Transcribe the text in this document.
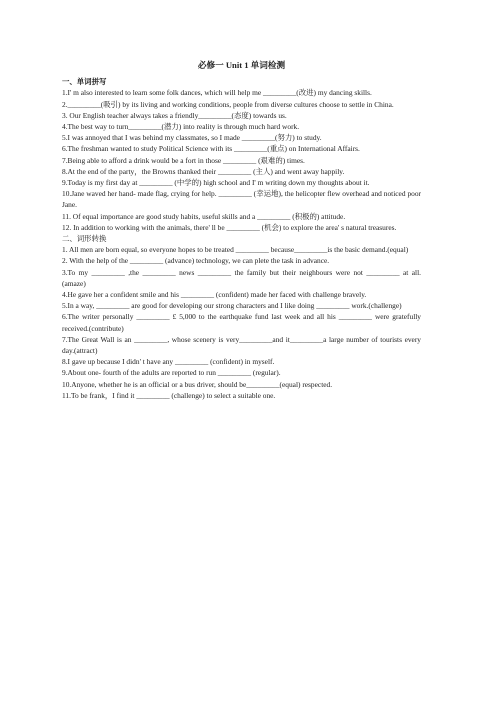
必修一 Unit 1 单词检测
一、单词拼写
1.I' m also interested to learn some folk dances, which will help me _________(改进) my dancing skills.
2._________(吸引) by its living and working conditions, people from diverse cultures choose to settle in China.
3. Our English teacher always takes a friendly_________(态度) towards us.
4.The best way to turn_________(潜力) into reality is through much hard work.
5.I was annoyed that I was behind my classmates, so I made _________(努力) to study.
6.The freshman wanted to study Political Science with its _________(重点) on International Affairs.
7.Being able to afford a drink would be a fort in those _________ (艰难的) times.
8.At the end of the party，the Browns thanked their _________ (主人) and went away happily.
9.Today is my first day at _________ (中学的) high school and I' m writing down my thoughts about it.
10.Jane waved her hand- made flag, crying for help. _________ (幸运地), the helicopter flew overhead and noticed poor Jane.
11. Of equal importance are good study habits, useful skills and a _________ (积极的) attitude.
12. In addition to working with the animals, there' ll be _________ (机会) to explore the area' s natural treasures.
二、词形转换
1. All men are born equal, so everyone hopes to be treated _________ because_________is the basic demand.(equal)
2. With the help of the _________ (advance) technology, we can plete the task in advance.
3.To my _________ ,the _________ news _________ the family but their neighbours were not _________ at all. (amaze)
4.He gave her a confident smile and his _________ (confident) made her faced with challenge bravely.
5.In a way, _________ are good for developing our strong characters and I like doing _________ work.(challenge)
6.The writer personally _________ £ 5,000 to the earthquake fund last week and all his _________ were gratefully received.(contribute)
7.The Great Wall is an _________, whose scenery is very_________and it_________a large number of tourists every day.(attract)
8.I gave up because I didn' t have any _________ (confident) in myself.
9.About one- fourth of the adults are reported to run _________ (regular).
10.Anyone, whether he is an official or a bus driver, should be_________(equal) respected.
11.To be frank，I find it _________ (challenge) to select a suitable one.
